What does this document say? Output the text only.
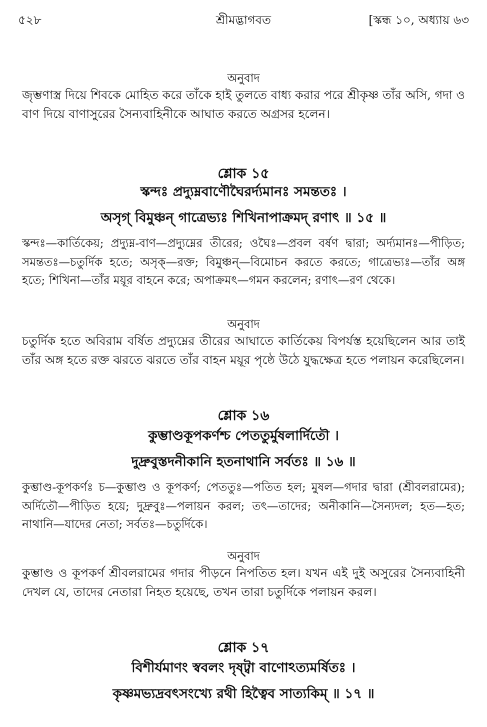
৫২৮	শ্রীমদ্ভাগবত	[স্কন্ধ ১০, অধ্যায় ৬৩
অনুবাদ
জৃম্ভণাস্ত্র দিয়ে শিবকে মোহিত করে তাঁকে হাই তুলতে বাধ্য করার পরে শ্রীকৃষ্ণ তাঁর অসি, গদা ও বাণ দিয়ে বাণাসুরের সৈন্যবাহিনীকে আঘাত করতে অগ্রসর হলেন।
শ্লোক ১৫
স্কন্দঃ প্রদ্যুম্নবাণৌঘৈরর্দ্যমানঃ সমন্ততঃ ।
অসৃগ্ বিমুঞ্চন্ গাত্রেভ্যঃ শিখিনাপাক্রমদ্ রণাৎ ॥ ১৫ ॥
স্কন্দঃ—কার্তিকেয়; প্রদ্যুম্ন-বাণ—প্রদ্যুম্নের তীরের; ওঘৈঃ—প্রবল বর্ষণ দ্বারা; অর্দ্যমানঃ—পীড়িত; সমন্ততঃ—চতুর্দিক হতে; অসৃক্—রক্ত; বিমুঞ্চন্—বিমোচন করতে করতে; গাত্রেভ্যঃ—তাঁর অঙ্গ হতে; শিখিনা—তাঁর ময়ূর বাহনে করে; অপাক্রমৎ—গমন করলেন; রণাৎ—রণ থেকে।
অনুবাদ
চতুর্দিক হতে অবিরাম বর্ষিত প্রদ্যুম্নের তীরের আঘাতে কার্তিকেয় বিপর্যস্ত হয়েছিলেন আর তাই তাঁর অঙ্গ হতে রক্ত ঝরতে ঝরতে তাঁর বাহন ময়ূর পৃষ্ঠে উঠে যুদ্ধক্ষেত্র হতে পলায়ন করেছিলেন।
শ্লোক ১৬
কুম্ভাণ্ডকূপকর্ণশ্চ পেততুর্মুষলার্দিতৌ ।
দুদ্রুবুস্তদনীকানি হতনাথানি সর্বতঃ ॥ ১৬ ॥
কুম্ভাণ্ড-কূপকর্ণঃ চ—কুম্ভাণ্ড ও কূপকর্ণ; পেততুঃ—পতিত হল; মুষল—গদার দ্বারা (শ্রীবলরামের); অর্দিতৌ—পীড়িত হয়ে; দুদ্রুবুঃ—পলায়ন করল; তৎ—তাদের; অনীকানি—সৈন্যদল; হত—হত; নাথানি—যাদের নেতা; সর্বতঃ—চতুর্দিকে।
অনুবাদ
কুম্ভাণ্ড ও কূপকর্ণ শ্রীবলরামের গদার পীড়নে নিপতিত হল। যখন এই দুই অসুরের সৈন্যবাহিনী দেখল যে, তাদের নেতারা নিহত হয়েছে, তখন তারা চতুর্দিকে পলায়ন করল।
শ্লোক ১৭
বিশীর্যমাণং স্ববলং দৃষ্ট্বা বাণোঽত্যমর্ষিতঃ ।
কৃষ্ণমভ্যদ্রবৎসংখ্যে রথী হিত্বৈব সাত্যকিম্ ॥ ১৭ ॥
